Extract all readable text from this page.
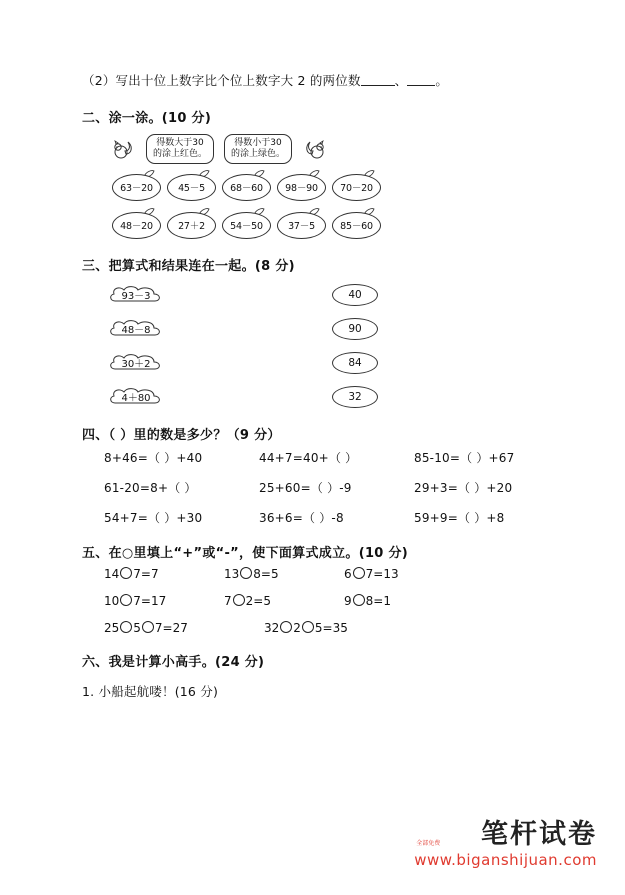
（2）写出十位上数字比个位上数字大 2 的两位数	、 。
二、涂一涂。(10 分)
得数大于30
的涂上红色。
得数小于30
的涂上绿色。
63－20	45－5	68－60	98－90	70－20
48－20	27＋2	54－50	37－5	85－60
三、把算式和结果连在一起。(8 分)
93－3	40
48－8	90
30＋2	84
4＋80	32
四、（ ）里的数是多少？（9 分）
8+46=（ ）+40	44+7=40+（ ）	85-10=（ ）+67
61-20=8+（ ）	25+60=（ ）-9	29+3=（ ）+20
54+7=（ ）+30	36+6=（ ）-8	59+9=（ ）+8
五、在○里填上“+”或“-”，使下面算式成立。(10 分)
14 7=7	13 8=5	6 7=13
10 7=17	7 2=5	9 8=1
25 5 7=27	32 2 5=35
六、我是计算小高手。(24 分)
1. 小船起航喽！(16 分)
笔杆试卷
www.biganshijuan.com
全部免费
